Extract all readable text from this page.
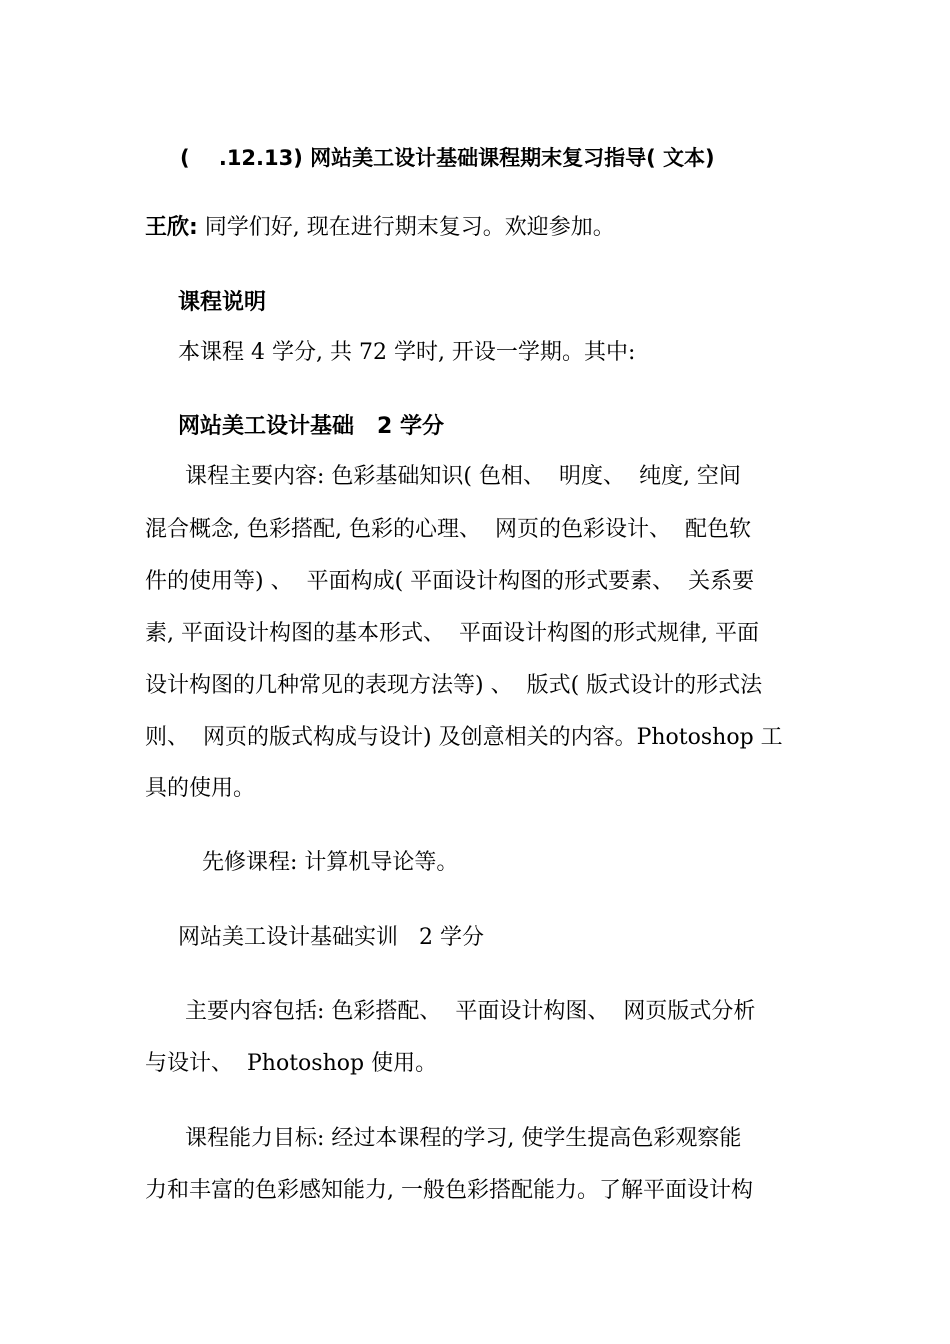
(    .12.13) 网站美工设计基础课程期末复习指导( 文本)

王欣: 同学们好, 现在进行期末复习。欢迎参加。

课程说明

本课程 4 学分, 共 72 学时, 开设一学期。其中:

网站美工设计基础   2 学分

课程主要内容: 色彩基础知识( 色相、  明度、  纯度, 空间

混合概念, 色彩搭配, 色彩的心理、  网页的色彩设计、  配色软

件的使用等) 、  平面构成( 平面设计构图的形式要素、  关系要

素, 平面设计构图的基本形式、  平面设计构图的形式规律, 平面

设计构图的几种常见的表现方法等) 、  版式( 版式设计的形式法

则、  网页的版式构成与设计) 及创意相关的内容。Photoshop 工

具的使用。

先修课程: 计算机导论等。

网站美工设计基础实训   2 学分

主要内容包括: 色彩搭配、  平面设计构图、  网页版式分析

与设计、  Photoshop 使用。

课程能力目标: 经过本课程的学习, 使学生提高色彩观察能

力和丰富的色彩感知能力, 一般色彩搭配能力。了解平面设计构
